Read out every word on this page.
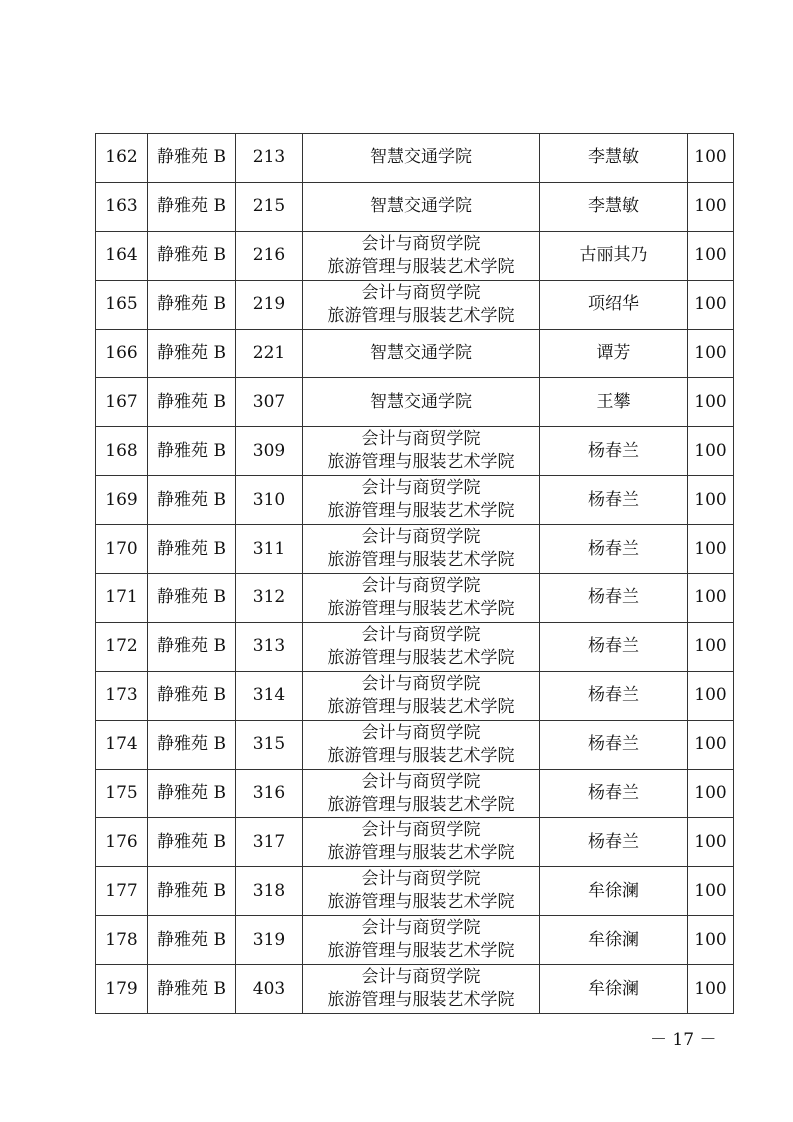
162	静雅苑 B	213	智慧交通学院	李慧敏	100
163	静雅苑 B	215	智慧交通学院	李慧敏	100
164	静雅苑 B	216	会计与商贸学院
旅游管理与服装艺术学院	古丽其乃	100
165	静雅苑 B	219	会计与商贸学院
旅游管理与服装艺术学院	项绍华	100
166	静雅苑 B	221	智慧交通学院	谭芳	100
167	静雅苑 B	307	智慧交通学院	王攀	100
168	静雅苑 B	309	会计与商贸学院
旅游管理与服装艺术学院	杨春兰	100
169	静雅苑 B	310	会计与商贸学院
旅游管理与服装艺术学院	杨春兰	100
170	静雅苑 B	311	会计与商贸学院
旅游管理与服装艺术学院	杨春兰	100
171	静雅苑 B	312	会计与商贸学院
旅游管理与服装艺术学院	杨春兰	100
172	静雅苑 B	313	会计与商贸学院
旅游管理与服装艺术学院	杨春兰	100
173	静雅苑 B	314	会计与商贸学院
旅游管理与服装艺术学院	杨春兰	100
174	静雅苑 B	315	会计与商贸学院
旅游管理与服装艺术学院	杨春兰	100
175	静雅苑 B	316	会计与商贸学院
旅游管理与服装艺术学院	杨春兰	100
176	静雅苑 B	317	会计与商贸学院
旅游管理与服装艺术学院	杨春兰	100
177	静雅苑 B	318	会计与商贸学院
旅游管理与服装艺术学院	牟徐澜	100
178	静雅苑 B	319	会计与商贸学院
旅游管理与服装艺术学院	牟徐澜	100
179	静雅苑 B	403	会计与商贸学院
旅游管理与服装艺术学院	牟徐澜	100
－ 17 －
